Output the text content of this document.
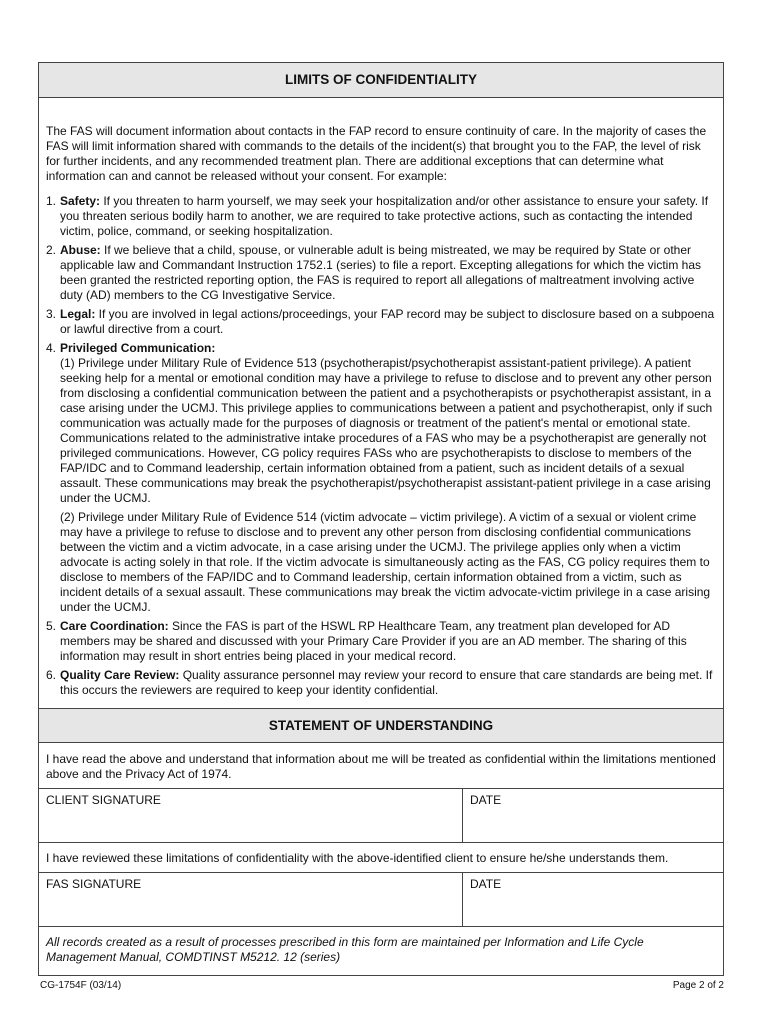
LIMITS OF CONFIDENTIALITY

The FAS will document information about contacts in the FAP record to ensure continuity of care. In the majority of cases the FAS will limit information shared with commands to the details of the incident(s) that brought you to the FAP, the level of risk for further incidents, and any recommended treatment plan. There are additional exceptions that can determine what information can and cannot be released without your consent. For example:

1. Safety: If you threaten to harm yourself, we may seek your hospitalization and/or other assistance to ensure your safety. If you threaten serious bodily harm to another, we are required to take protective actions, such as contacting the intended victim, police, command, or seeking hospitalization.
2. Abuse: If we believe that a child, spouse, or vulnerable adult is being mistreated, we may be required by State or other applicable law and Commandant Instruction 1752.1 (series) to file a report. Excepting allegations for which the victim has been granted the restricted reporting option, the FAS is required to report all allegations of maltreatment involving active duty (AD) members to the CG Investigative Service.
3. Legal: If you are involved in legal actions/proceedings, your FAP record may be subject to disclosure based on a subpoena or lawful directive from a court.
4. Privileged Communication:
(1) Privilege under Military Rule of Evidence 513 (psychotherapist/psychotherapist assistant-patient privilege). A patient seeking help for a mental or emotional condition may have a privilege to refuse to disclose and to prevent any other person from disclosing a confidential communication between the patient and a psychotherapists or psychotherapist assistant, in a case arising under the UCMJ. This privilege applies to communications between a patient and psychotherapist, only if such communication was actually made for the purposes of diagnosis or treatment of the patient's mental or emotional state. Communications related to the administrative intake procedures of a FAS who may be a psychotherapist are generally not privileged communications. However, CG policy requires FASs who are psychotherapists to disclose to members of the FAP/IDC and to Command leadership, certain information obtained from a patient, such as incident details of a sexual assault. These communications may break the psychotherapist/psychotherapist assistant-patient privilege in a case arising under the UCMJ.
(2) Privilege under Military Rule of Evidence 514 (victim advocate – victim privilege). A victim of a sexual or violent crime may have a privilege to refuse to disclose and to prevent any other person from disclosing confidential communications between the victim and a victim advocate, in a case arising under the UCMJ. The privilege applies only when a victim advocate is acting solely in that role. If the victim advocate is simultaneously acting as the FAS, CG policy requires them to disclose to members of the FAP/IDC and to Command leadership, certain information obtained from a victim, such as incident details of a sexual assault. These communications may break the victim advocate-victim privilege in a case arising under the UCMJ.
5. Care Coordination: Since the FAS is part of the HSWL RP Healthcare Team, any treatment plan developed for AD members may be shared and discussed with your Primary Care Provider if you are an AD member. The sharing of this information may result in short entries being placed in your medical record.
6. Quality Care Review: Quality assurance personnel may review your record to ensure that care standards are being met. If this occurs the reviewers are required to keep your identity confidential.
STATEMENT OF UNDERSTANDING
I have read the above and understand that information about me will be treated as confidential within the limitations mentioned above and the Privacy Act of 1974.
CLIENT SIGNATURE	DATE
I have reviewed these limitations of confidentiality with the above-identified client to ensure he/she understands them.
FAS SIGNATURE	DATE
All records created as a result of processes prescribed in this form are maintained per Information and Life Cycle Management Manual, COMDTINST M5212. 12 (series)
CG-1754F (03/14)	Page 2 of 2
